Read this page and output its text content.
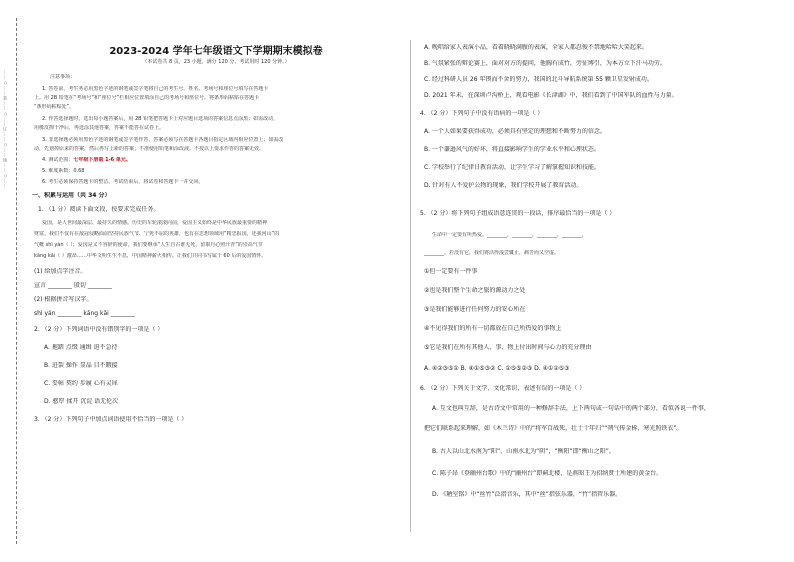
……○……装……○……订……○……线……○……
2023-2024 学年七年级语文下学期期末模拟卷
（本试卷共 8 页，23 小题，满分 120 分，考试用时 120 分钟。）
注意事项：
1. 答卷前，考生务必用黑色字迹的钢笔或签字笔将自己的考生号、姓名、考场号和座位号填写在答题卡
上。用 2B 铅笔在“考场号”和“座位号”栏相应位置填涂自己的考场号和座位号。将条形码粘贴在答题卡
“条形码粘贴处”。
2. 作答选择题时，选出每小题答案后，用 2B 铅笔把答题卡上对应题目选项的答案信息点涂黑；如需改动，
用橡皮擦干净后，再选涂其他答案，答案不能答在试卷上。
3. 非选择题必须用黑色字迹的钢笔或签字笔作答，答案必须写在答题卡各题目指定区域内相应位置上；如需改
动，先划掉原来的答案，然后再写上新的答案；不准使用铅笔和涂改液。不按以上要求作答的答案无效。
4. 测试范围：七年级下册第 1-6 单元。
5. 难度系数：0.68
6. 考生必须保持答题卡的整洁。考试结束后，将试卷和答题卡一并交回。
一、积累与运用（共 34 分）
1. （1 分）阅读下面文段，按要求完成任务。
爱国，是人世间最深层、最持久的情感。历史的车轮滚滚向前，爱国主义始终是中华民族最重要的精神
财富。我们不仅有在敌寇侵略面前坚持民族气节、宁死不屈的英雄，也有在思想领域用“精忠报国，还我河山”的
气概 shì yán（ ）；爱国是义不容辞的使命，我们要继承“人生自古谁无死，留取丹心照汗青”的崇高气节
kāng kǎi（ ）激昂……中华文明生生不息，中国精神薪火相传。让我们共同书写属于 60 后的爱国情怀。
(1) 给加点字注音。
宣言 ________ 殷切 ________
(2) 根据拼音写汉字。
shì yán ________ kāng kǎi ________
2. （2 分）下列词语中没有错别字的一项是（ ）
A. 拖踏 点缀 通缉 迫不急待
B. 迸裂 操作 显晶 目不暇接
C. 妥帖 契约 步履 心有灵犀
D. 憨厚 揉开 沉淀 语无伦次
3. （2 分）下列句子中加点词语使用不恰当的一项是（ ）
A. 晚唱给家人表演小品，看着晓晓满腹的表演，全家人都忍俊不禁地哈哈大笑起来。
B. 气氛紧张的辩论赛上，面对对方的提问，他胸有成竹，旁征博引，为本方立下汗马功劳。
C. 经过科研人员 26 年锲而不舍的努力，我国的北斗导航系统第 55 颗卫星发射成功。
D. 2021 年末，在深圳卢沟桥上，观看电影《长津湖》中，我们看到了中国军队的血性与力量。
4. （2 分）下列句子中没有语病的一项是（ ）
A. 一个人如果要获得成功，必须具有坚定的理想和不断努力的信念。
B. 一个谦逊风气的好坏，将直接影响学生的学业水平和心理状态。
C. 学校举行了纪律日教育活动，让学生学习了解掌握知识和技能。
D. 针对有人不爱护公物的现象，我们学校开展了教育活动。
5. （2 分）将下列句子组成语意连贯的一段话，排序最恰当的一项是（ ）
生命中一定要有所热爱。________，________，________，________，
________。若没有它，我们将活得浅尝辄止，痛苦而又空虚。
①但一定要有一件事
②也是我们整个生命之旅的源动力之处
③是我们能够进行任何努力的安心所在
④不见得我们的所有一切都放在自己所热爱的事物上
⑤它是我们在所有其他人、事、物上付出时间与心力的充分理由
A. ④②③⑤① B. ④①⑤③② C. ①⑤⑤②③ D. ④①②⑤③
6. （2 分）下列关于文学、文化常识，表述有误的一项是（ ）
A. 互文也叫互辞，是古诗文中常用的一种修辞手法，上下两句或一句话中的两个部分，看似各说一件事，
把它们联系起来理解，如《木兰诗》中的“将军百战死，壮士十年归”“朔气传金柝，寒光照铁衣”。
B. 古人以山北水南为“阳”，山南水北为“阴”，“衡阳”即“衡山之阳”。
C. 陈子昂《登幽州台歌》中的“幽州台”即蓟北楼，是燕昭王为招纳贤士所建的黄金台。
D. 《陋室铭》中“丝竹”泛指音乐，其中“丝”指弦乐器，“竹”指管乐器。
